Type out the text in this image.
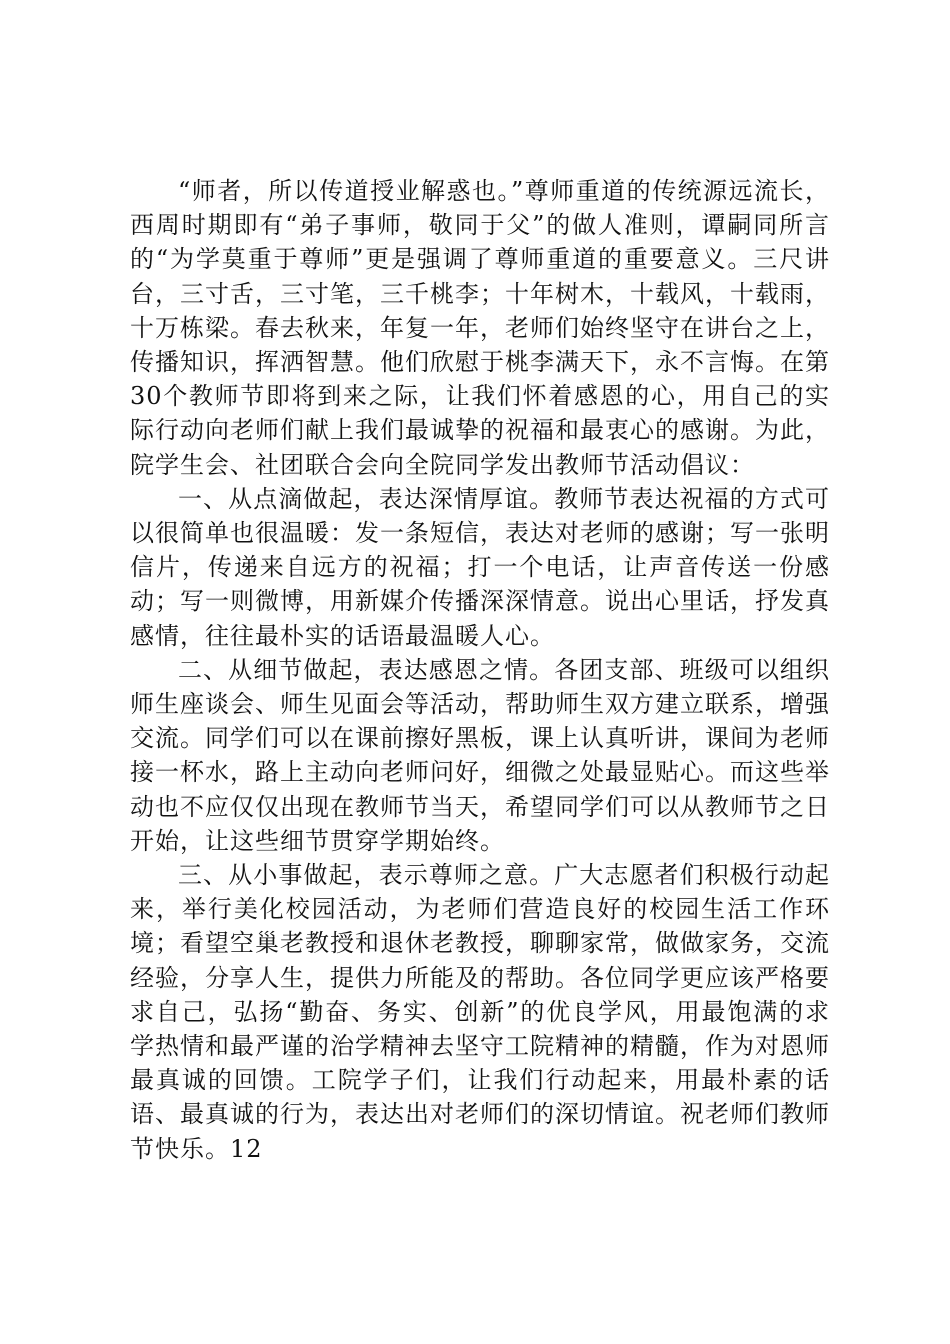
“师者，所以传道授业解惑也。”尊师重道的传统源远流长，西周时期即有“弟子事师，敬同于父”的做人准则，谭嗣同所言的“为学莫重于尊师”更是强调了尊师重道的重要意义。三尺讲台，三寸舌，三寸笔，三千桃李；十年树木，十载风，十载雨，十万栋梁。春去秋来，年复一年，老师们始终坚守在讲台之上，传播知识，挥洒智慧。他们欣慰于桃李满天下，永不言悔。在第30个教师节即将到来之际，让我们怀着感恩的心，用自己的实际行动向老师们献上我们最诚挚的祝福和最衷心的感谢。为此，院学生会、社团联合会向全院同学发出教师节活动倡议：

一、从点滴做起，表达深情厚谊。教师节表达祝福的方式可以很简单也很温暖：发一条短信，表达对老师的感谢；写一张明信片，传递来自远方的祝福；打一个电话，让声音传送一份感动；写一则微博，用新媒介传播深深情意。说出心里话，抒发真感情，往往最朴实的话语最温暖人心。

二、从细节做起，表达感恩之情。各团支部、班级可以组织师生座谈会、师生见面会等活动，帮助师生双方建立联系，增强交流。同学们可以在课前擦好黑板，课上认真听讲，课间为老师接一杯水，路上主动向老师问好，细微之处最显贴心。而这些举动也不应仅仅出现在教师节当天，希望同学们可以从教师节之日开始，让这些细节贯穿学期始终。

三、从小事做起，表示尊师之意。广大志愿者们积极行动起来，举行美化校园活动，为老师们营造良好的校园生活工作环境；看望空巢老教授和退休老教授，聊聊家常，做做家务，交流经验，分享人生，提供力所能及的帮助。各位同学更应该严格要求自己，弘扬“勤奋、务实、创新”的优良学风，用最饱满的求学热情和最严谨的治学精神去坚守工院精神的精髓，作为对恩师最真诚的回馈。工院学子们，让我们行动起来，用最朴素的话语、最真诚的行为，表达出对老师们的深切情谊。祝老师们教师节快乐。12
